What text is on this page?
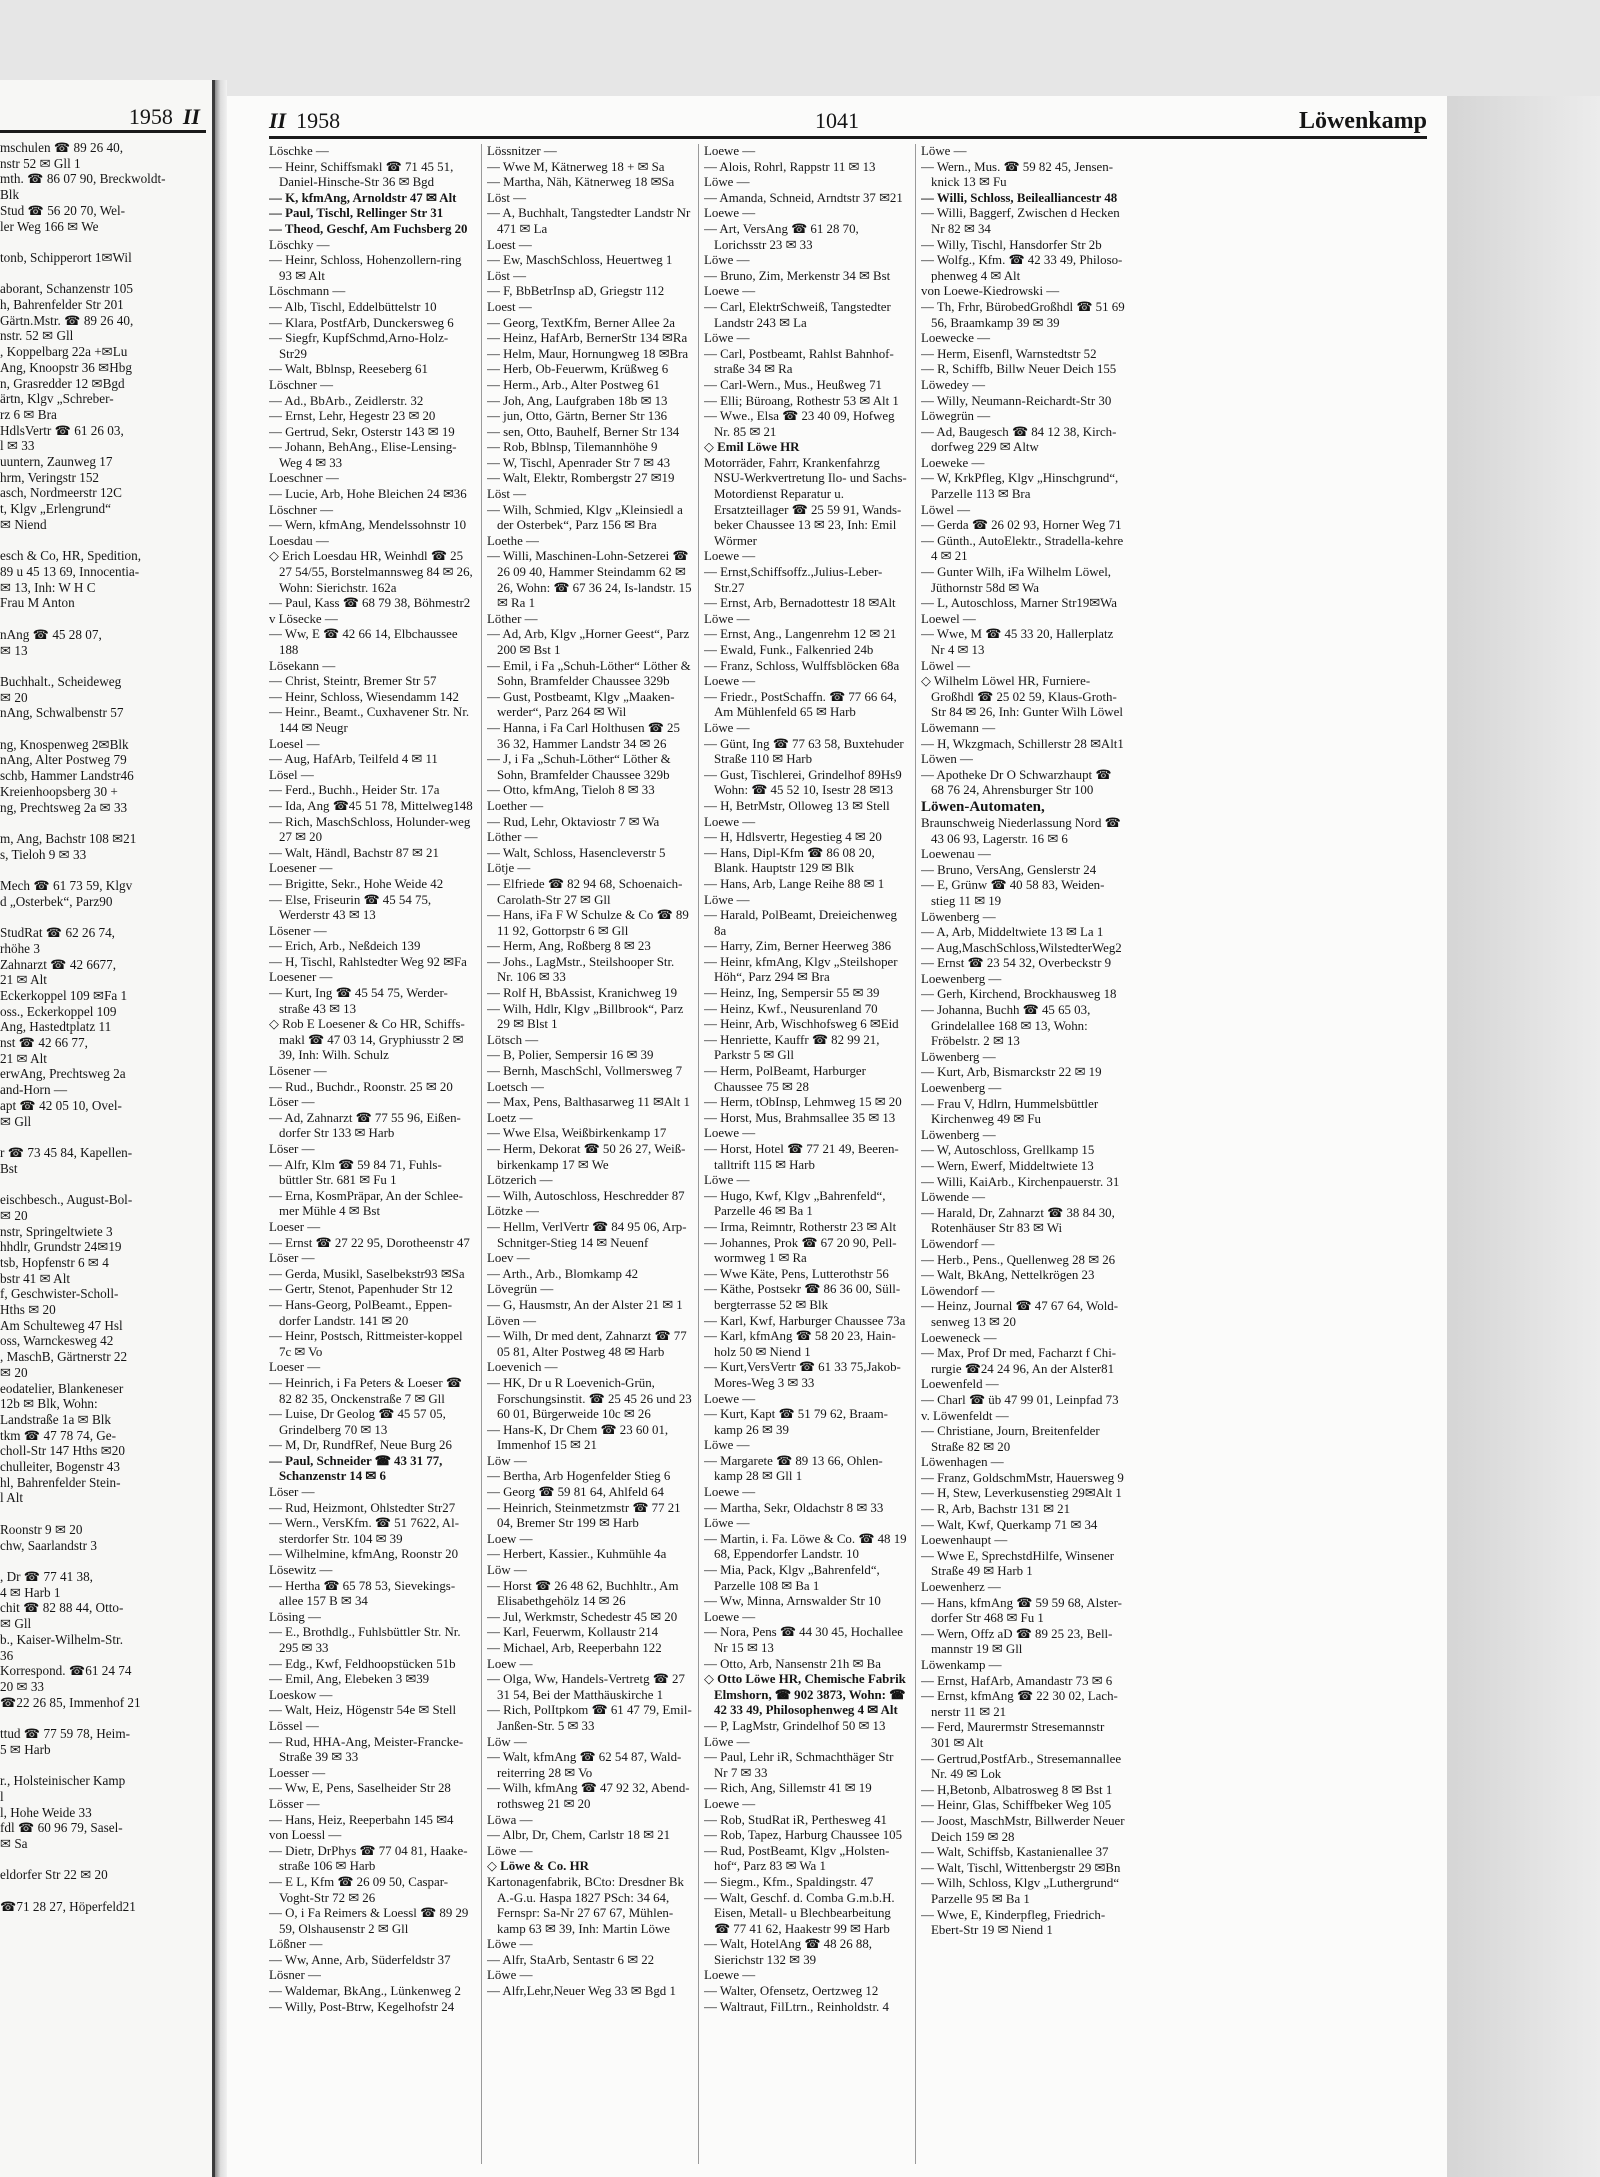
1958 II
mschulen ☎ 89 26 40,
nstr 52 ✉ Gll 1
mth. ☎ 86 07 90, Breckwoldt-
Blk
Stud ☎ 56 20 70, Wel-
ler Weg 166 ✉ We

tonb, Schipperort 1✉Wil

aborant, Schanzenstr 105
h, Bahrenfelder Str 201
Gärtn.Mstr. ☎ 89 26 40,
nstr. 52 ✉ Gll
, Koppelbarg 22a +✉Lu
Ang, Knoopstr 36 ✉Hbg
n, Grasredder 12 ✉Bgd
ärtn, Klgv „Schreber-
rz 6 ✉ Bra
HdlsVertr ☎ 61 26 03,
l ✉ 33
uuntern, Zaunweg 17
hrm, Veringstr 152
asch, Nordmeerstr 12C
t, Klgv „Erlengrund“
✉ Niend

esch & Co, HR, Spedition,
89 u 45 13 69, Innocentia-
✉ 13, Inh: W H C
Frau M Anton

nAng ☎ 45 28 07,
✉ 13

Buchhalt., Scheideweg
✉ 20
nAng, Schwalbenstr 57

ng, Knospenweg 2✉Blk
nAng, Alter Postweg 79
schb, Hammer Landstr46
Kreienhoopsberg 30 +
ng, Prechtsweg 2a ✉ 33

m, Ang, Bachstr 108 ✉21
s, Tieloh 9 ✉ 33

Mech ☎ 61 73 59, Klgv
d „Osterbek“, Parz90

StudRat ☎ 62 26 74,
rhöhe 3
Zahnarzt ☎ 42 6677,
21 ✉ Alt
Eckerkoppel 109 ✉Fa 1
oss., Eckerkoppel 109
Ang, Hastedtplatz 11
nst ☎ 42 66 77,
21 ✉ Alt
erwAng, Prechtsweg 2a
and-Horn —
apt ☎ 42 05 10, Ovel-
✉ Gll

r ☎ 73 45 84, Kapellen-
Bst

eischbesch., August-Bol-
✉ 20
nstr, Springeltwiete 3
hhdlr, Grundstr 24✉19
tsb, Hopfenstr 6 ✉ 4
bstr 41 ✉ Alt
f, Geschwister-Scholl-
Hths ✉ 20
Am Schulteweg 47 Hsl
oss, Warnckesweg 42
, MaschB, Gärtnerstr 22
✉ 20
eodatelier, Blankeneser
12b ✉ Blk, Wohn:
Landstraße 1a ✉ Blk
tkm ☎ 47 78 74, Ge-
choll-Str 147 Hths ✉20
chulleiter, Bogenstr 43
hl, Bahrenfelder Stein-
l Alt

Roonstr 9 ✉ 20
chw, Saarlandstr 3

, Dr ☎ 77 41 38,
4 ✉ Harb 1
chit ☎ 82 88 44, Otto-
✉ Gll
b., Kaiser-Wilhelm-Str.
36
Korrespond. ☎61 24 74
20 ✉ 33
☎22 26 85, Immenhof 21

ttud ☎ 77 59 78, Heim-
5 ✉ Harb

r., Holsteinischer Kamp
l
l, Hohe Weide 33
fdl ☎ 60 96 79, Sasel-
✉ Sa

eldorfer Str 22 ✉ 20

☎71 28 27, Höperfeld21
II 1958	1041	Löwenkamp

Löschke —

— Heinr, Schiffsmakl ☎ 71 45 51, Daniel-Hinsche-Str 36 ✉ Bgd

— K, kfmAng, Arnoldstr 47 ✉ Alt

— Paul, Tischl, Rellinger Str 31

— Theod, Geschf, Am Fuchsberg 20

Löschky —

— Heinr, Schloss, Hohenzollern-ring 93 ✉ Alt

Löschmann —

— Alb, Tischl, Eddelbüttelstr 10

— Klara, PostfArb, Dunckersweg 6

— Siegfr, KupfSchmd,Arno-Holz-Str29

— Walt, Bblnsp, Reeseberg 61

Löschner —

— Ad., BbArb., Zeidlerstr. 32

— Ernst, Lehr, Hegestr 23 ✉ 20

— Gertrud, Sekr, Osterstr 143 ✉ 19

— Johann, BehAng., Elise-Lensing-Weg 4 ✉ 33

Loeschner —

— Lucie, Arb, Hohe Bleichen 24 ✉36

Löschner —

— Wern, kfmAng, Mendelssohnstr 10

Loesdau —

◇ Erich Loesdau HR, Weinhdl ☎ 25 27 54/55, Borstelmannsweg 84 ✉ 26, Wohn: Sierichstr. 162a

— Paul, Kass ☎ 68 79 38, Böhmestr2

v Lösecke —

— Ww, E ☎ 42 66 14, Elbchaussee 188

Lösekann —

— Christ, Steintr, Bremer Str 57

— Heinr, Schloss, Wiesendamm 142

— Heinr., Beamt., Cuxhavener Str. Nr. 144 ✉ Neugr

Loesel —

— Aug, HafArb, Teilfeld 4 ✉ 11

Lösel —

— Ferd., Buchh., Heider Str. 17a

— Ida, Ang ☎45 51 78, Mittelweg148

— Rich, MaschSchloss, Holunder-weg 27 ✉ 20

— Walt, Händl, Bachstr 87 ✉ 21

Loesener —

— Brigitte, Sekr., Hohe Weide 42

— Else, Friseurin ☎ 45 54 75, Werderstr 43 ✉ 13

Lösener —

— Erich, Arb., Neßdeich 139

— H, Tischl, Rahlstedter Weg 92 ✉Fa

Loesener —

— Kurt, Ing ☎ 45 54 75, Werder-straße 43 ✉ 13

◇ Rob E Loesener & Co HR, Schiffs-makl ☎ 47 03 14, Gryphiusstr 2 ✉ 39, Inh: Wilh. Schulz

Lösener —

— Rud., Buchdr., Roonstr. 25 ✉ 20

Löser —

— Ad, Zahnarzt ☎ 77 55 96, Eißen-dorfer Str 133 ✉ Harb

Löser —

— Alfr, Klm ☎ 59 84 71, Fuhls-büttler Str. 681 ✉ Fu 1

— Erna, KosmPräpar, An der Schlee-mer Mühle 4 ✉ Bst

Loeser —

— Ernst ☎ 27 22 95, Dorotheenstr 47

Löser —

— Gerda, Musikl, Saselbekstr93 ✉Sa

— Gertr, Stenot, Papenhuder Str 12

— Hans-Georg, PolBeamt., Eppen-dorfer Landstr. 141 ✉ 20

— Heinr, Postsch, Rittmeister-koppel 7c ✉ Vo

Loeser —

— Heinrich, i Fa Peters & Loeser ☎ 82 82 35, Onckenstraße 7 ✉ Gll

— Luise, Dr Geolog ☎ 45 57 05, Grindelberg 70 ✉ 13

— M, Dr, RundfRef, Neue Burg 26

— Paul, Schneider ☎ 43 31 77, Schanzenstr 14 ✉ 6

Löser —

— Rud, Heizmont, Ohlstedter Str27

— Wern., VersKfm. ☎ 51 7622, Al-sterdorfer Str. 104 ✉ 39

— Wilhelmine, kfmAng, Roonstr 20

Lösewitz —

— Hertha ☎ 65 78 53, Sievekings-allee 157 B ✉ 34

Lösing —

— E., Brothdlg., Fuhlsbüttler Str. Nr. 295 ✉ 33

— Edg., Kwf, Feldhoopstücken 51b

— Emil, Ang, Elebeken 3 ✉39

Loeskow —

— Walt, Heiz, Högenstr 54e ✉ Stell

Lössel —

— Rud, HHA-Ang, Meister-Francke-Straße 39 ✉ 33

Loesser —

— Ww, E, Pens, Saselheider Str 28

Lösser —

— Hans, Heiz, Reeperbahn 145 ✉4

von Loessl —

— Dietr, DrPhys ☎ 77 04 81, Haake-straße 106 ✉ Harb

— E L, Kfm ☎ 26 09 50, Caspar-Voght-Str 72 ✉ 26

— O, i Fa Reimers & Loessl ☎ 89 29 59, Olshausenstr 2 ✉ Gll

Lößner —

— Ww, Anne, Arb, Süderfeldstr 37

Lösner —

— Waldemar, BkAng., Lünkenweg 2

— Willy, Post-Btrw, Kegelhofstr 24

Lössnitzer —

— Wwe M, Kätnerweg 18 + ✉ Sa

— Martha, Näh, Kätnerweg 18 ✉Sa

Löst —

— A, Buchhalt, Tangstedter Landstr Nr 471 ✉ La

Loest —

— Ew, MaschSchloss, Heuertweg 1

Löst —

— F, BbBetrInsp aD, Griegstr 112

Loest —

— Georg, TextKfm, Berner Allee 2a

— Heinz, HafArb, BernerStr 134 ✉Ra

— Helm, Maur, Hornungweg 18 ✉Bra

— Herb, Ob-Feuerwm, Krüßweg 6

— Herm., Arb., Alter Postweg 61

— Joh, Ang, Laufgraben 18b ✉ 13

— jun, Otto, Gärtn, Berner Str 136

— sen, Otto, Bauhelf, Berner Str 134

— Rob, Bblnsp, Tilemannhöhe 9

— W, Tischl, Apenrader Str 7 ✉ 43

— Walt, Elektr, Rombergstr 27 ✉19

Löst —

— Wilh, Schmied, Klgv „Kleinsiedl a der Osterbek“, Parz 156 ✉ Bra

Loethe —

— Willi, Maschinen-Lohn-Setzerei ☎ 26 09 40, Hammer Steindamm 62 ✉ 26, Wohn: ☎ 67 36 24, Is-landstr. 15 ✉ Ra 1

Löther —

— Ad, Arb, Klgv „Horner Geest“, Parz 200 ✉ Bst 1

— Emil, i Fa „Schuh-Löther“ Löther & Sohn, Bramfelder Chaussee 329b

— Gust, Postbeamt, Klgv „Maaken-werder“, Parz 264 ✉ Wil

— Hanna, i Fa Carl Holthusen ☎ 25 36 32, Hammer Landstr 34 ✉ 26

— J, i Fa „Schuh-Löther“ Löther & Sohn, Bramfelder Chaussee 329b

— Otto, kfmAng, Tieloh 8 ✉ 33

Loether —

— Rud, Lehr, Oktaviostr 7 ✉ Wa

Löther —

— Walt, Schloss, Hasencleverstr 5

Lötje —

— Elfriede ☎ 82 94 68, Schoenaich-Carolath-Str 27 ✉ Gll

— Hans, iFa F W Schulze & Co ☎ 89 11 92, Gottorpstr 6 ✉ Gll

— Herm, Ang, Roßberg 8 ✉ 23

— Johs., LagMstr., Steilshooper Str. Nr. 106 ✉ 33

— Rolf H, BbAssist, Kranichweg 19

— Wilh, Hdlr, Klgv „Billbrook“, Parz 29 ✉ Blst 1

Lötsch —

— B, Polier, Sempersir 16 ✉ 39

— Bernh, MaschSchl, Vollmersweg 7

Loetsch —

— Max, Pens, Balthasarweg 11 ✉Alt 1

Loetz —

— Wwe Elsa, Weißbirkenkamp 17

— Herm, Dekorat ☎ 50 26 27, Weiß-birkenkamp 17 ✉ We

Lötzerich —

— Wilh, Autoschloss, Heschredder 87

Lötzke —

— Hellm, VerlVertr ☎ 84 95 06, Arp-Schnitger-Stieg 14 ✉ Neuenf

Loev —

— Arth., Arb., Blomkamp 42

Lövegrün —

— G, Hausmstr, An der Alster 21 ✉ 1

Löven —

— Wilh, Dr med dent, Zahnarzt ☎ 77 05 81, Alter Postweg 48 ✉ Harb

Loevenich —

— HK, Dr u R Loevenich-Grün, Forschungsinstit. ☎ 25 45 26 und 23 60 01, Bürgerweide 10c ✉ 26

— Hans-K, Dr Chem ☎ 23 60 01, Immenhof 15 ✉ 21

Löw —

— Bertha, Arb Hogenfelder Stieg 6

— Georg ☎ 59 81 64, Ahlfeld 64

— Heinrich, Steinmetzmstr ☎ 77 21 04, Bremer Str 199 ✉ Harb

Loew —

— Herbert, Kassier., Kuhmühle 4a

Löw —

— Horst ☎ 26 48 62, Buchhltr., Am Elisabethgehölz 14 ✉ 26

— Jul, Werkmstr, Schedestr 45 ✉ 20

— Karl, Feuerwm, Kollaustr 214

— Michael, Arb, Reeperbahn 122

Loew —

— Olga, Ww, Handels-Vertretg ☎ 27 31 54, Bei der Matthäuskirche 1

— Rich, PolItpkom ☎ 61 47 79, Emil-Janßen-Str. 5 ✉ 33

Löw —

— Walt, kfmAng ☎ 62 54 87, Wald-reiterring 28 ✉ Vo

— Wilh, kfmAng ☎ 47 92 32, Abend-rothsweg 21 ✉ 20

Löwa —

— Albr, Dr, Chem, Carlstr 18 ✉ 21

Löwe —

◇ Löwe & Co. HR

Kartonagenfabrik, BCto: Dresdner Bk A.-G.u. Haspa 1827 PSch: 34 64, Fernspr: Sa-Nr 27 67 67, Mühlen-kamp 63 ✉ 39, Inh: Martin Löwe

Löwe —

— Alfr, StaArb, Sentastr 6 ✉ 22

Löwe —

— Alfr,Lehr,Neuer Weg 33 ✉ Bgd 1

Loewe —

— Alois, Rohrl, Rappstr 11 ✉ 13

Löwe —

— Amanda, Schneid, Arndtstr 37 ✉21

Loewe —

— Art, VersAng ☎ 61 28 70, Lorichsstr 23 ✉ 33

Löwe —

— Bruno, Zim, Merkenstr 34 ✉ Bst

Loewe —

— Carl, ElektrSchweiß, Tangstedter Landstr 243 ✉ La

Löwe —

— Carl, Postbeamt, Rahlst Bahnhof-straße 34 ✉ Ra

— Carl-Wern., Mus., Heußweg 71

— Elli; Büroang, Rothestr 53 ✉ Alt 1

— Wwe., Elsa ☎ 23 40 09, Hofweg Nr. 85 ✉ 21

◇ Emil Löwe HR

Motorräder, Fahrr, Krankenfahrzg NSU-Werkvertretung Ilo- und Sachs-Motordienst Reparatur u. Ersatzteillager ☎ 25 59 91, Wands-beker Chaussee 13 ✉ 23, Inh: Emil Wörmer

Loewe —

— Ernst,Schiffsoffz.,Julius-Leber-Str.27

— Ernst, Arb, Bernadottestr 18 ✉Alt

Löwe —

— Ernst, Ang., Langenrehm 12 ✉ 21

— Ewald, Funk., Falkenried 24b

— Franz, Schloss, Wulffsblöcken 68a

Loewe —

— Friedr., PostSchaffn. ☎ 77 66 64, Am Mühlenfeld 65 ✉ Harb

Löwe —

— Günt, Ing ☎ 77 63 58, Buxtehuder Straße 110 ✉ Harb

— Gust, Tischlerei, Grindelhof 89Hs9 Wohn: ☎ 45 52 10, Isestr 28 ✉13

— H, BetrMstr, Olloweg 13 ✉ Stell

Loewe —

— H, Hdlsvertr, Hegestieg 4 ✉ 20

— Hans, Dipl-Kfm ☎ 86 08 20, Blank. Hauptstr 129 ✉ Blk

— Hans, Arb, Lange Reihe 88 ✉ 1

Löwe —

— Harald, PolBeamt, Dreieichenweg 8a

— Harry, Zim, Berner Heerweg 386

— Heinr, kfmAng, Klgv „Steilshoper Höh“, Parz 294 ✉ Bra

— Heinz, Ing, Sempersir 55 ✉ 39

— Heinz, Kwf., Neusurenland 70

— Heinr, Arb, Wischhofsweg 6 ✉Eid

— Henriette, Kauffr ☎ 82 99 21, Parkstr 5 ✉ Gll

— Herm, PolBeamt, Harburger Chaussee 75 ✉ 28

— Herm, tObInsp, Lehmweg 15 ✉ 20

— Horst, Mus, Brahmsallee 35 ✉ 13

Loewe —

— Horst, Hotel ☎ 77 21 49, Beeren-talltrift 115 ✉ Harb

Löwe —

— Hugo, Kwf, Klgv „Bahrenfeld“, Parzelle 46 ✉ Ba 1

— Irma, Reimntr, Rotherstr 23 ✉ Alt

— Johannes, Prok ☎ 67 20 90, Pell-wormweg 1 ✉ Ra

— Wwe Käte, Pens, Lutterothstr 56

— Käthe, Postsekr ☎ 86 36 00, Süll-bergterrasse 52 ✉ Blk

— Karl, Kwf, Harburger Chaussee 73a

— Karl, kfmAng ☎ 58 20 23, Hain-holz 50 ✉ Niend 1

— Kurt,VersVertr ☎ 61 33 75,Jakob-Mores-Weg 3 ✉ 33

Loewe —

— Kurt, Kapt ☎ 51 79 62, Braam-kamp 26 ✉ 39

Löwe —

— Margarete ☎ 89 13 66, Ohlen-kamp 28 ✉ Gll 1

Loewe —

— Martha, Sekr, Oldachstr 8 ✉ 33

Löwe —

— Martin, i. Fa. Löwe & Co. ☎ 48 19 68, Eppendorfer Landstr. 10

— Mia, Pack, Klgv „Bahrenfeld“, Parzelle 108 ✉ Ba 1

— Ww, Minna, Arnswalder Str 10

Loewe —

— Nora, Pens ☎ 44 30 45, Hochallee Nr 15 ✉ 13

— Otto, Arb, Nansenstr 21h ✉ Ba

◇ Otto Löwe HR, Chemische Fabrik Elmshorn, ☎ 902 3873, Wohn: ☎ 42 33 49, Philosophenweg 4 ✉ Alt

— P, LagMstr, Grindelhof 50 ✉ 13

Löwe —

— Paul, Lehr iR, Schmachthäger Str Nr 7 ✉ 33

— Rich, Ang, Sillemstr 41 ✉ 19

Loewe —

— Rob, StudRat iR, Perthesweg 41

— Rob, Tapez, Harburg Chaussee 105

— Rud, PostBeamt, Klgv „Holsten-hof“, Parz 83 ✉ Wa 1

— Siegm., Kfm., Spaldingstr. 47

— Walt, Geschf. d. Comba G.m.b.H. Eisen, Metall- u Blechbearbeitung ☎ 77 41 62, Haakestr 99 ✉ Harb

— Walt, HotelAng ☎ 48 26 88, Sierichstr 132 ✉ 39

Loewe —

— Walter, Ofensetz, Oertzweg 12

— Waltraut, FilLtrn., Reinholdstr. 4

Löwe —

— Wern., Mus. ☎ 59 82 45, Jensen-knick 13 ✉ Fu

— Willi, Schloss, Beilealliancestr 48

— Willi, Baggerf, Zwischen d Hecken Nr 82 ✉ 34

— Willy, Tischl, Hansdorfer Str 2b

— Wolfg., Kfm. ☎ 42 33 49, Philoso-phenweg 4 ✉ Alt

von Loewe-Kiedrowski —

— Th, Frhr, BürobedGroßhdl ☎ 51 69 56, Braamkamp 39 ✉ 39

Loewecke —

— Herm, Eisenfl, Warnstedtstr 52

— R, Schiffb, Billw Neuer Deich 155

Löwedey —

— Willy, Neumann-Reichardt-Str 30

Löwegrün —

— Ad, Baugesch ☎ 84 12 38, Kirch-dorfweg 229 ✉ Altw

Loeweke —

— W, KrkPfleg, Klgv „Hinschgrund“, Parzelle 113 ✉ Bra

Löwel —

— Gerda ☎ 26 02 93, Horner Weg 71

— Günth., AutoElektr., Stradella-kehre 4 ✉ 21

— Gunter Wilh, iFa Wilhelm Löwel, Jüthornstr 58d ✉ Wa

— L, Autoschloss, Marner Str19✉Wa

Loewel —

— Wwe, M ☎ 45 33 20, Hallerplatz Nr 4 ✉ 13

Löwel —

◇ Wilhelm Löwel HR, Furniere-Großhdl ☎ 25 02 59, Klaus-Groth-Str 84 ✉ 26, Inh: Gunter Wilh Löwel

Löwemann —

— H, Wkzgmach, Schillerstr 28 ✉Alt1

Löwen —

— Apotheke Dr O Schwarzhaupt ☎ 68 76 24, Ahrensburger Str 100

Löwen-Automaten,

Braunschweig Niederlassung Nord ☎ 43 06 93, Lagerstr. 16 ✉ 6

Loewenau —

— Bruno, VersAng, Genslerstr 24

— E, Grünw ☎ 40 58 83, Weiden-stieg 11 ✉ 19

Löwenberg —

— A, Arb, Middeltwiete 13 ✉ La 1

— Aug,MaschSchloss,WilstedterWeg2

— Ernst ☎ 23 54 32, Overbeckstr 9

Loewenberg —

— Gerh, Kirchend, Brockhausweg 18

— Johanna, Buchh ☎ 45 65 03, Grindelallee 168 ✉ 13, Wohn: Fröbelstr. 2 ✉ 13

Löwenberg —

— Kurt, Arb, Bismarckstr 22 ✉ 19

Loewenberg —

— Frau V, Hdlrn, Hummelsbüttler Kirchenweg 49 ✉ Fu

Löwenberg —

— W, Autoschloss, Grellkamp 15

— Wern, Ewerf, Middeltwiete 13

— Willi, KaiArb., Kirchenpauerstr. 31

Löwende —

— Harald, Dr, Zahnarzt ☎ 38 84 30, Rotenhäuser Str 83 ✉ Wi

Löwendorf —

— Herb., Pens., Quellenweg 28 ✉ 26

— Walt, BkAng, Nettelkrögen 23

Löwendorf —

— Heinz, Journal ☎ 47 67 64, Wold-senweg 13 ✉ 20

Loeweneck —

— Max, Prof Dr med, Facharzt f Chi-rurgie ☎24 24 96, An der Alster81

Loewenfeld —

— Charl ☎ üb 47 99 01, Leinpfad 73

v. Löwenfeldt —

— Christiane, Journ, Breitenfelder Straße 82 ✉ 20

Löwenhagen —

— Franz, GoldschmMstr, Hauersweg 9

— H, Stew, Leverkusenstieg 29✉Alt 1

— R, Arb, Bachstr 131 ✉ 21

— Walt, Kwf, Querkamp 71 ✉ 34

Loewenhaupt —

— Wwe E, SprechstdHilfe, Winsener Straße 49 ✉ Harb 1

Loewenherz —

— Hans, kfmAng ☎ 59 59 68, Alster-dorfer Str 468 ✉ Fu 1

— Wern, Offz aD ☎ 89 25 23, Bell-mannstr 19 ✉ Gll

Löwenkamp —

— Ernst, HafArb, Amandastr 73 ✉ 6

— Ernst, kfmAng ☎ 22 30 02, Lach-nerstr 11 ✉ 21

— Ferd, Maurermstr Stresemannstr 301 ✉ Alt

— Gertrud,PostfArb., Stresemannallee Nr. 49 ✉ Lok

— H,Betonb, Albatrosweg 8 ✉ Bst 1

— Heinr, Glas, Schiffbeker Weg 105

— Joost, MaschMstr, Billwerder Neuer Deich 159 ✉ 28

— Walt, Schiffsb, Kastanienallee 37

— Walt, Tischl, Wittenbergstr 29 ✉Bn

— Wilh, Schloss, Klgv „Luthergrund“ Parzelle 95 ✉ Ba 1

— Wwe, E, Kinderpfleg, Friedrich-Ebert-Str 19 ✉ Niend 1
